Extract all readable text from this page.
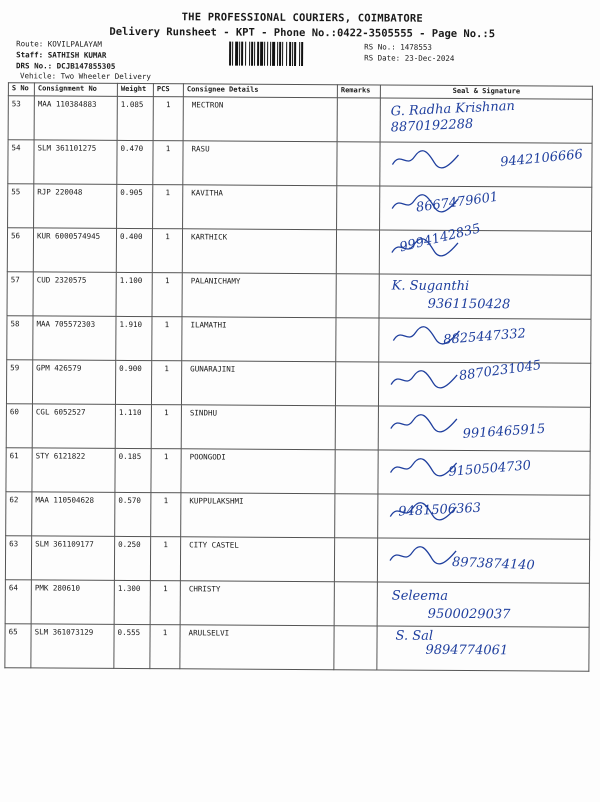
THE PROFESSIONAL COURIERS, COIMBATORE
Delivery Runsheet - KPT - Phone No.:0422-3505555 - Page No.:5
Route: KOVILPALAYAM
Staff: SATHISH KUMAR
DRS No.: DCJB147855305
RS No.: 1478553
RS Date: 23-Dec-2024
Vehicle: Two Wheeler Delivery
S No	Consignment No	Weight	PCS	Consignee Details	Remarks	Seal & Signature
53	MAA 110384883	1.085	1	MECTRON		G. Radha Krishnan
8870192288

54	SLM 361101275	0.470	1	RASU		9442106666

55	RJP 220048	0.905	1	KAVITHA		8667479601

56	KUR 6000574945	0.400	1	KARTHICK		9994142835

57	CUD 2320575	1.100	1	PALANICHAMY		K. Suganthi
9361150428

58	MAA 705572303	1.910	1	ILAMATHI		8825447332

59	GPM 426579	0.900	1	GUNARAJINI		8870231045

60	CGL 6052527	1.110	1	SINDHU		9916465915

61	STY 6121822	0.185	1	POONGODI		9150504730

62	MAA 110504628	0.570	1	KUPPULAKSHMI		9481506363

63	SLM 361109177	0.250	1	CITY CASTEL		8973874140

64	PMK 280610	1.300	1	CHRISTY		Seleema
9500029037

65	SLM 361073129	0.555	1	ARULSELVI		S. Sal
9894774061
